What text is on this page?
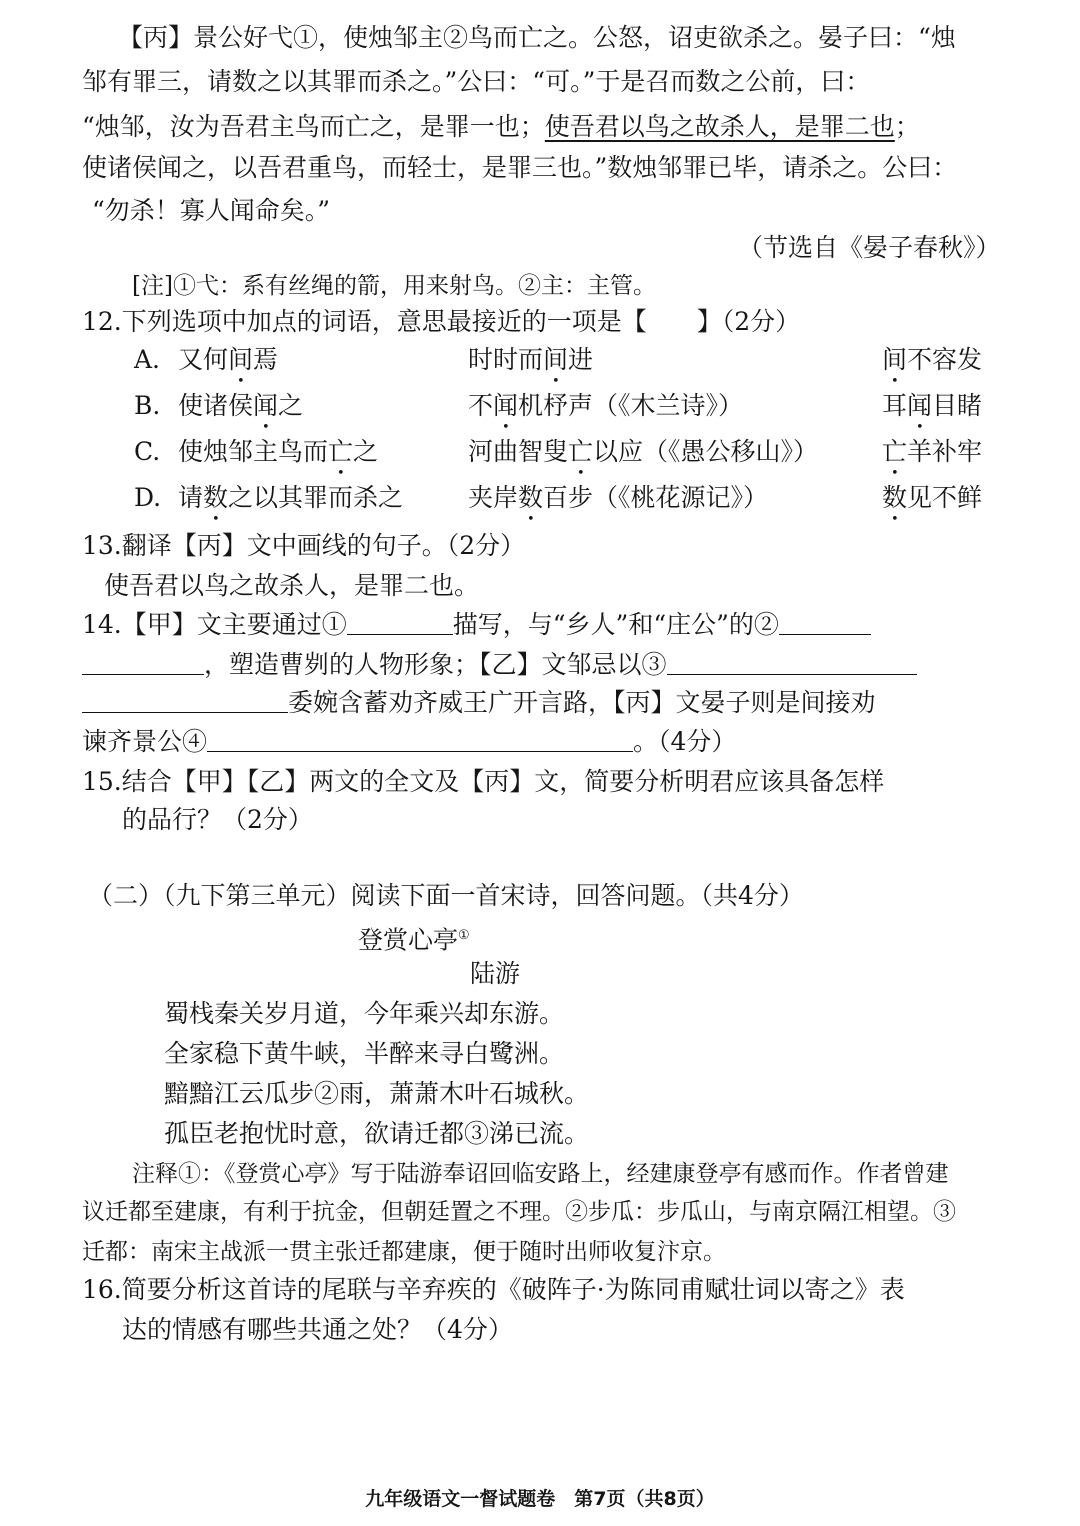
【丙】景公好弋①，使烛邹主②鸟而亡之。公怒，诏吏欲杀之。晏子曰：“烛
邹有罪三，请数之以其罪而杀之。”公曰：“可。”于是召而数之公前，曰：
“烛邹，汝为吾君主鸟而亡之，是罪一也；使吾君以鸟之故杀人，是罪二也；
使诸侯闻之，以吾君重鸟，而轻士，是罪三也。”数烛邹罪已毕，请杀之。公曰：
“勿杀！寡人闻命矣。”
（节选自《晏子春秋》）
[注]①弋：系有丝绳的箭，用来射鸟。②主：主管。
12.下列选项中加点的词语，意思最接近的一项是【　　】（2分）
A. 又何间焉	时时而间进	间不容发
B. 使诸侯闻之	不闻机杼声（《木兰诗》）	耳闻目睹
C. 使烛邹主鸟而亡之	河曲智叟亡以应（《愚公移山》）	亡羊补牢
D. 请数之以其罪而杀之	夹岸数百步（《桃花源记》）	数见不鲜
13.翻译【丙】文中画线的句子。（2分）
使吾君以鸟之故杀人，是罪二也。
14.【甲】文主要通过①	描写，与“乡人”和“庄公”的②
，塑造曹刿的人物形象；【乙】文邹忌以③
委婉含蓄劝齐威王广开言路，【丙】文晏子则是间接劝
谏齐景公④	。（4分）
15.结合【甲】【乙】两文的全文及【丙】文，简要分析明君应该具备怎样
的品行？（2分）
（二）（九下第三单元）阅读下面一首宋诗，回答问题。（共4分）
登赏心亭①
陆游
蜀栈秦关岁月道，今年乘兴却东游。
全家稳下黄牛峡，半醉来寻白鹭洲。
黯黯江云瓜步②雨，萧萧木叶石城秋。
孤臣老抱忧时意，欲请迁都③涕已流。
注释①：《登赏心亭》写于陆游奉诏回临安路上，经建康登亭有感而作。作者曾建
议迁都至建康，有利于抗金，但朝廷置之不理。②步瓜：步瓜山，与南京隔江相望。③
迁都：南宋主战派一贯主张迁都建康，便于随时出师收复汴京。
16.简要分析这首诗的尾联与辛弃疾的《破阵子·为陈同甫赋壮词以寄之》表
达的情感有哪些共通之处？（4分）
九年级语文一督试题卷　第7页（共8页）
